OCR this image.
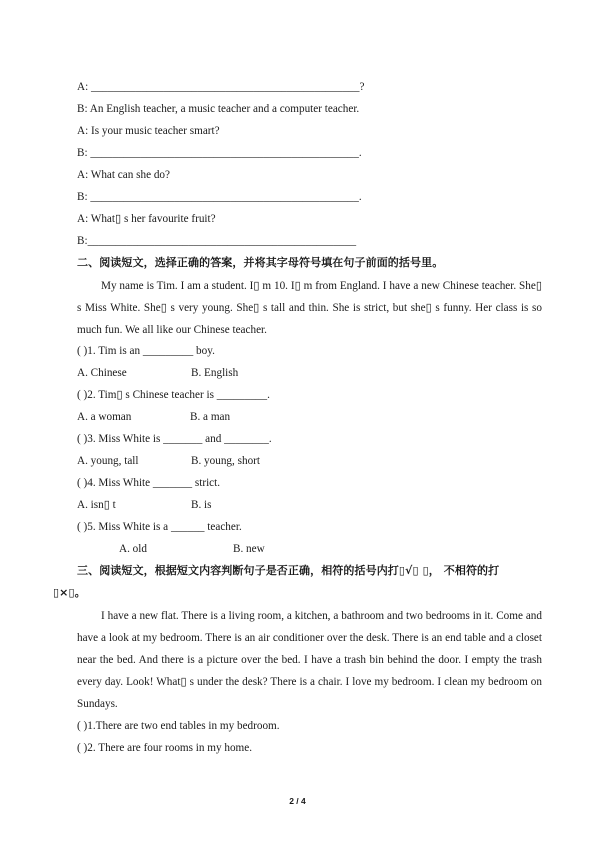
A: ________________________________________________?
B: An English teacher, a music teacher and a computer teacher.
A: Is your music teacher smart?
B: ________________________________________________.
A: What can she do?
B: ________________________________________________.
A: What▯ s her favourite fruit?
B:________________________________________________
二、阅读短文，选择正确的答案，并将其字母符号填在句子前面的括号里。
My name is Tim. I am a student. I▯ m 10. I▯ m from England. I have a new Chinese teacher. She▯ s Miss White. She▯ s very young. She▯ s tall and thin. She is strict, but she▯ s funny. Her class is so much fun. We all like our Chinese teacher.
( )1. Tim is an _________ boy.
A. Chinese	B. English
( )2. Tim▯ s Chinese teacher is _________.
A. a woman	B. a man
( )3. Miss White is _______ and ________.
A. young, tall	B. young, short
( )4. Miss White _______ strict.
A. isn▯ t	B. is
( )5. Miss White is a ______ teacher.
A. old	B. new
三、阅读短文，根据短文内容判断句子是否正确，相符的括号内打▯√▯ ▯， 不相符的打
▯×▯。
I have a new flat. There is a living room, a kitchen, a bathroom and two bedrooms in it. Come and have a look at my bedroom. There is an air conditioner over the desk. There is an end table and a closet near the bed. And there is a picture over the bed. I have a trash bin behind the door. I empty the trash every day. Look! What▯ s under the desk? There is a chair. I love my bedroom. I clean my bedroom on Sundays.
( )1.There are two end tables in my bedroom.
( )2. There are four rooms in my home.
2 / 4
